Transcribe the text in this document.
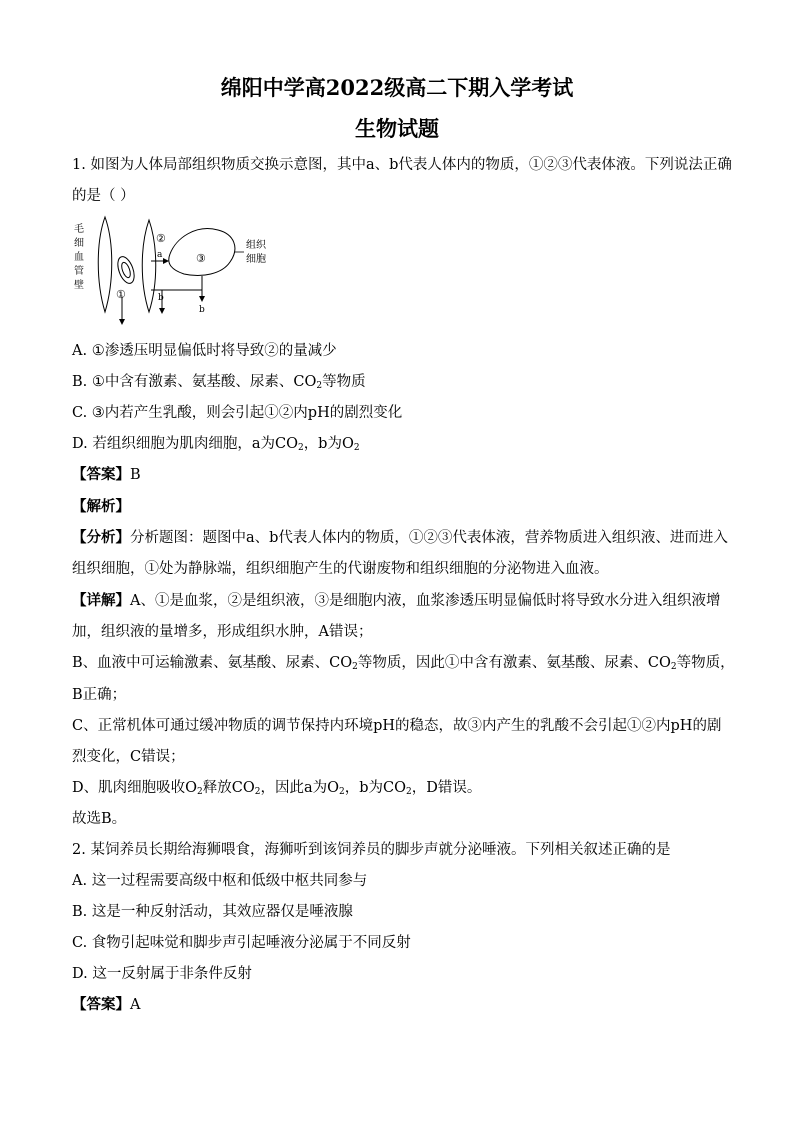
绵阳中学高2022级高二下期入学考试
生物试题
1. 如图为人体局部组织物质交换示意图，其中a、b代表人体内的物质，①②③代表体液。下列说法正确
的是（ ）
毛
细
血
管
壁
组织
细胞
①
②
③
a
b
b
A. ①渗透压明显偏低时将导致②的量减少
B. ①中含有激素、氨基酸、尿素、$CO_2$等物质
C. ③内若产生乳酸，则会引起①②内pH的剧烈变化
D. 若组织细胞为肌肉细胞，a为$CO_2$，b为$O_2$
【答案】B
【解析】
【分析】分析题图：题图中a、b代表人体内的物质，①②③代表体液，营养物质进入组织液、进而进入
组织细胞，①处为静脉端，组织细胞产生的代谢废物和组织细胞的分泌物进入血液。
【详解】A、①是血浆，②是组织液，③是细胞内液，血浆渗透压明显偏低时将导致水分进入组织液增
加，组织液的量增多，形成组织水肿，A错误；
B、血液中可运输激素、氨基酸、尿素、$CO_2$等物质，因此①中含有激素、氨基酸、尿素、$CO_2$等物质，
B正确；
C、正常机体可通过缓冲物质的调节保持内环境pH的稳态，故③内产生的乳酸不会引起①②内pH的剧
烈变化，C错误；
D、肌肉细胞吸收$O_2$释放$CO_2$，因此a为$O_2$，b为$CO_2$，D错误。
故选B。
2. 某饲养员长期给海狮喂食，海狮听到该饲养员的脚步声就分泌唾液。下列相关叙述正确的是
A. 这一过程需要高级中枢和低级中枢共同参与
B. 这是一种反射活动，其效应器仅是唾液腺
C. 食物引起味觉和脚步声引起唾液分泌属于不同反射
D. 这一反射属于非条件反射
【答案】A
